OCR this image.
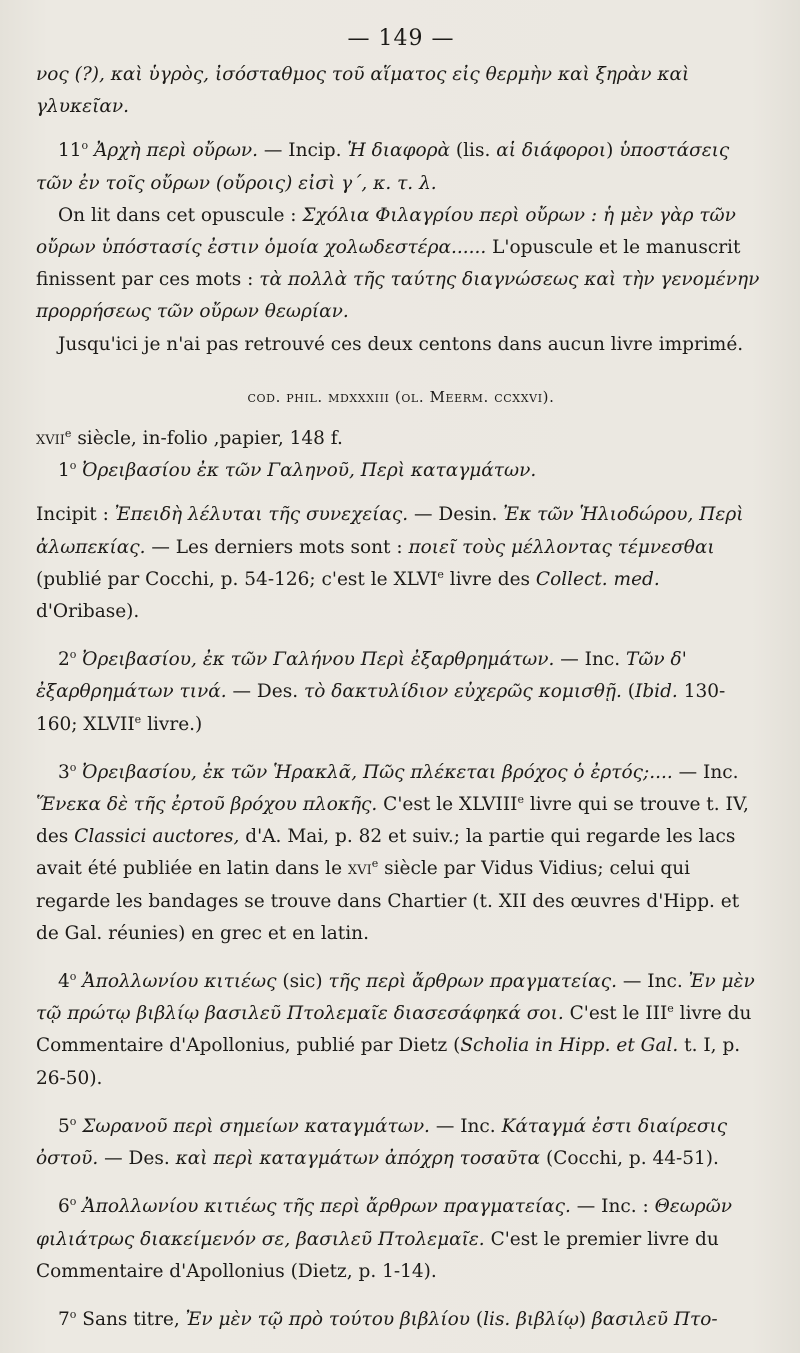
— 149 —

νος (?), καὶ ὑγρὸς, ἰσόσταθμος τοῦ αἵματος εἰς θερμὴν καὶ ξηρὰν καὶ γλυκεῖαν.

11$^o$ Ἀρχὴ περὶ οὔρων. — Incip. Ἡ διαφορὰ (lis. αἱ διάφοροι) ὑποστάσεις τῶν ἐν τοῖς οὔρων (οὔροις) εἰσὶ γ΄, κ. τ. λ.

On lit dans cet opuscule : Σχόλια Φιλαγρίου περὶ οὔρων : ἡ μὲν γὰρ τῶν οὔρων ὑπόστασίς ἐστιν ὁμοία χολωδεστέρα...... L'opuscule et le manuscrit finissent par ces mots : τὰ πολλὰ τῆς ταύτης διαγνώσεως καὶ τὴν γενομένην προρρήσεως τῶν οὔρων θεωρίαν.

Jusqu'ici je n'ai pas retrouvé ces deux centons dans aucun livre imprimé.

cod. phil. mdxxxiii (ol. Meerm. ccxxvi).

xvii$^e$ siècle, in-folio ,papier, 148 f.

1$^o$ Ὀρειβασίου ἐκ τῶν Γαληνοῦ, Περὶ καταγμάτων.

Incipit : Ἐπειδὴ λέλυται τῆς συνεχείας. — Desin. Ἐκ τῶν Ἡλιοδώρου, Περὶ ἀλωπεκίας. — Les derniers mots sont : ποιεῖ τοὺς μέλλοντας τέμνεσθαι (publié par Cocchi, p. 54-126; c'est le XLVIe livre des Collect. med. d'Oribase).

2$^o$ Ὀρειβασίου, ἐκ τῶν Γαλήνου Περὶ ἐξαρθρημάτων. — Inc. Τῶν δ' ἐξαρθρημάτων τινά. — Des. τὸ δακτυλίδιον εὐχερῶς κομισθῇ. (Ibid. 130-160; XLVIIe livre.)

3$^o$ Ὀρειβασίου, ἐκ τῶν Ἡρακλᾶ, Πῶς πλέκεται βρόχος ὁ ἐρτός;.... — Inc. Ἕνεκα δὲ τῆς ἐρτοῦ βρόχου πλοκῆς. C'est le XLVIIIe livre qui se trouve t. IV, des Classici auctores, d'A. Mai, p. 82 et suiv.; la partie qui regarde les lacs avait été publiée en latin dans le xvi$^e$ siècle par Vidus Vidius; celui qui regarde les bandages se trouve dans Chartier (t. XII des œuvres d'Hipp. et de Gal. réunies) en grec et en latin.

4$^o$ Ἀπολλωνίου κιτιέως (sic) τῆς περὶ ἄρθρων πραγματείας. — Inc. Ἐν μὲν τῷ πρώτῳ βιβλίῳ βασιλεῦ Πτολεμαῖε διασεσάφηκά σοι. C'est le IIIe livre du Commentaire d'Apollonius, publié par Dietz (Scholia in Hipp. et Gal. t. I, p. 26-50).

5$^o$ Σωρανοῦ περὶ σημείων καταγμάτων. — Inc. Κάταγμά ἐστι διαίρεσις ὀστοῦ. — Des. καὶ περὶ καταγμάτων ἀπόχρη τοσαῦτα (Cocchi, p. 44-51).

6$^o$ Ἀπολλωνίου κιτιέως τῆς περὶ ἄρθρων πραγματείας. — Inc. : Θεωρῶν φιλιάτρως διακείμενόν σε, βασιλεῦ Πτολεμαῖε. C'est le premier livre du Commentaire d'Apollonius (Dietz, p. 1-14).

7$^o$ Sans titre, Ἐν μὲν τῷ πρὸ τούτου βιβλίου (lis. βιβλίῳ) βασιλεῦ Πτο-
